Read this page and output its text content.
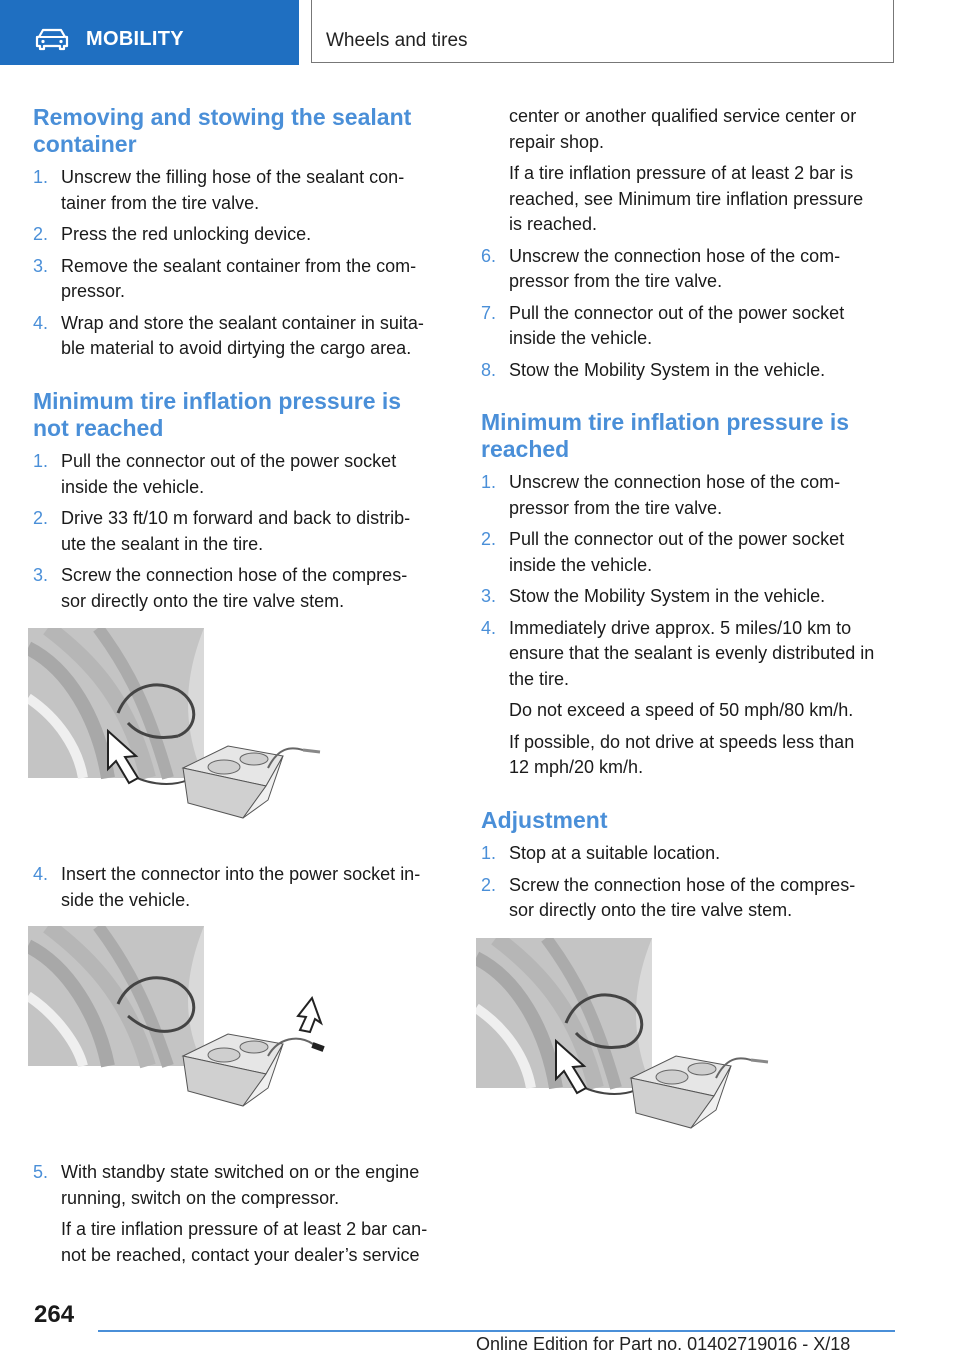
MOBILITY	Wheels and tires
Removing and stowing the sealant
container
1. Unscrew the filling hose of the sealant con‐
tainer from the tire valve.
2. Press the red unlocking device.
3. Remove the sealant container from the com‐
pressor.
4. Wrap and store the sealant container in suita‐
ble material to avoid dirtying the cargo area.
Minimum tire inflation pressure is
not reached
1. Pull the connector out of the power socket
inside the vehicle.
2. Drive 33 ft/10 m forward and back to distrib‐
ute the sealant in the tire.
3. Screw the connection hose of the compres‐
sor directly onto the tire valve stem.
4. Insert the connector into the power socket in‐
side the vehicle.
5. With standby state switched on or the engine
running, switch on the compressor.
If a tire inflation pressure of at least 2 bar can‐
not be reached, contact your dealer’s service
center or another qualified service center or
repair shop.
If a tire inflation pressure of at least 2 bar is
reached, see Minimum tire inflation pressure
is reached.
6. Unscrew the connection hose of the com‐
pressor from the tire valve.
7. Pull the connector out of the power socket
inside the vehicle.
8. Stow the Mobility System in the vehicle.
Minimum tire inflation pressure is
reached
1. Unscrew the connection hose of the com‐
pressor from the tire valve.
2. Pull the connector out of the power socket
inside the vehicle.
3. Stow the Mobility System in the vehicle.
4. Immediately drive approx. 5 miles/10 km to
ensure that the sealant is evenly distributed in
the tire.
Do not exceed a speed of 50 mph/80 km/h.
If possible, do not drive at speeds less than
12 mph/20 km/h.
Adjustment
1. Stop at a suitable location.
2. Screw the connection hose of the compres‐
sor directly onto the tire valve stem.
264
Online Edition for Part no. 01402719016 - X/18
